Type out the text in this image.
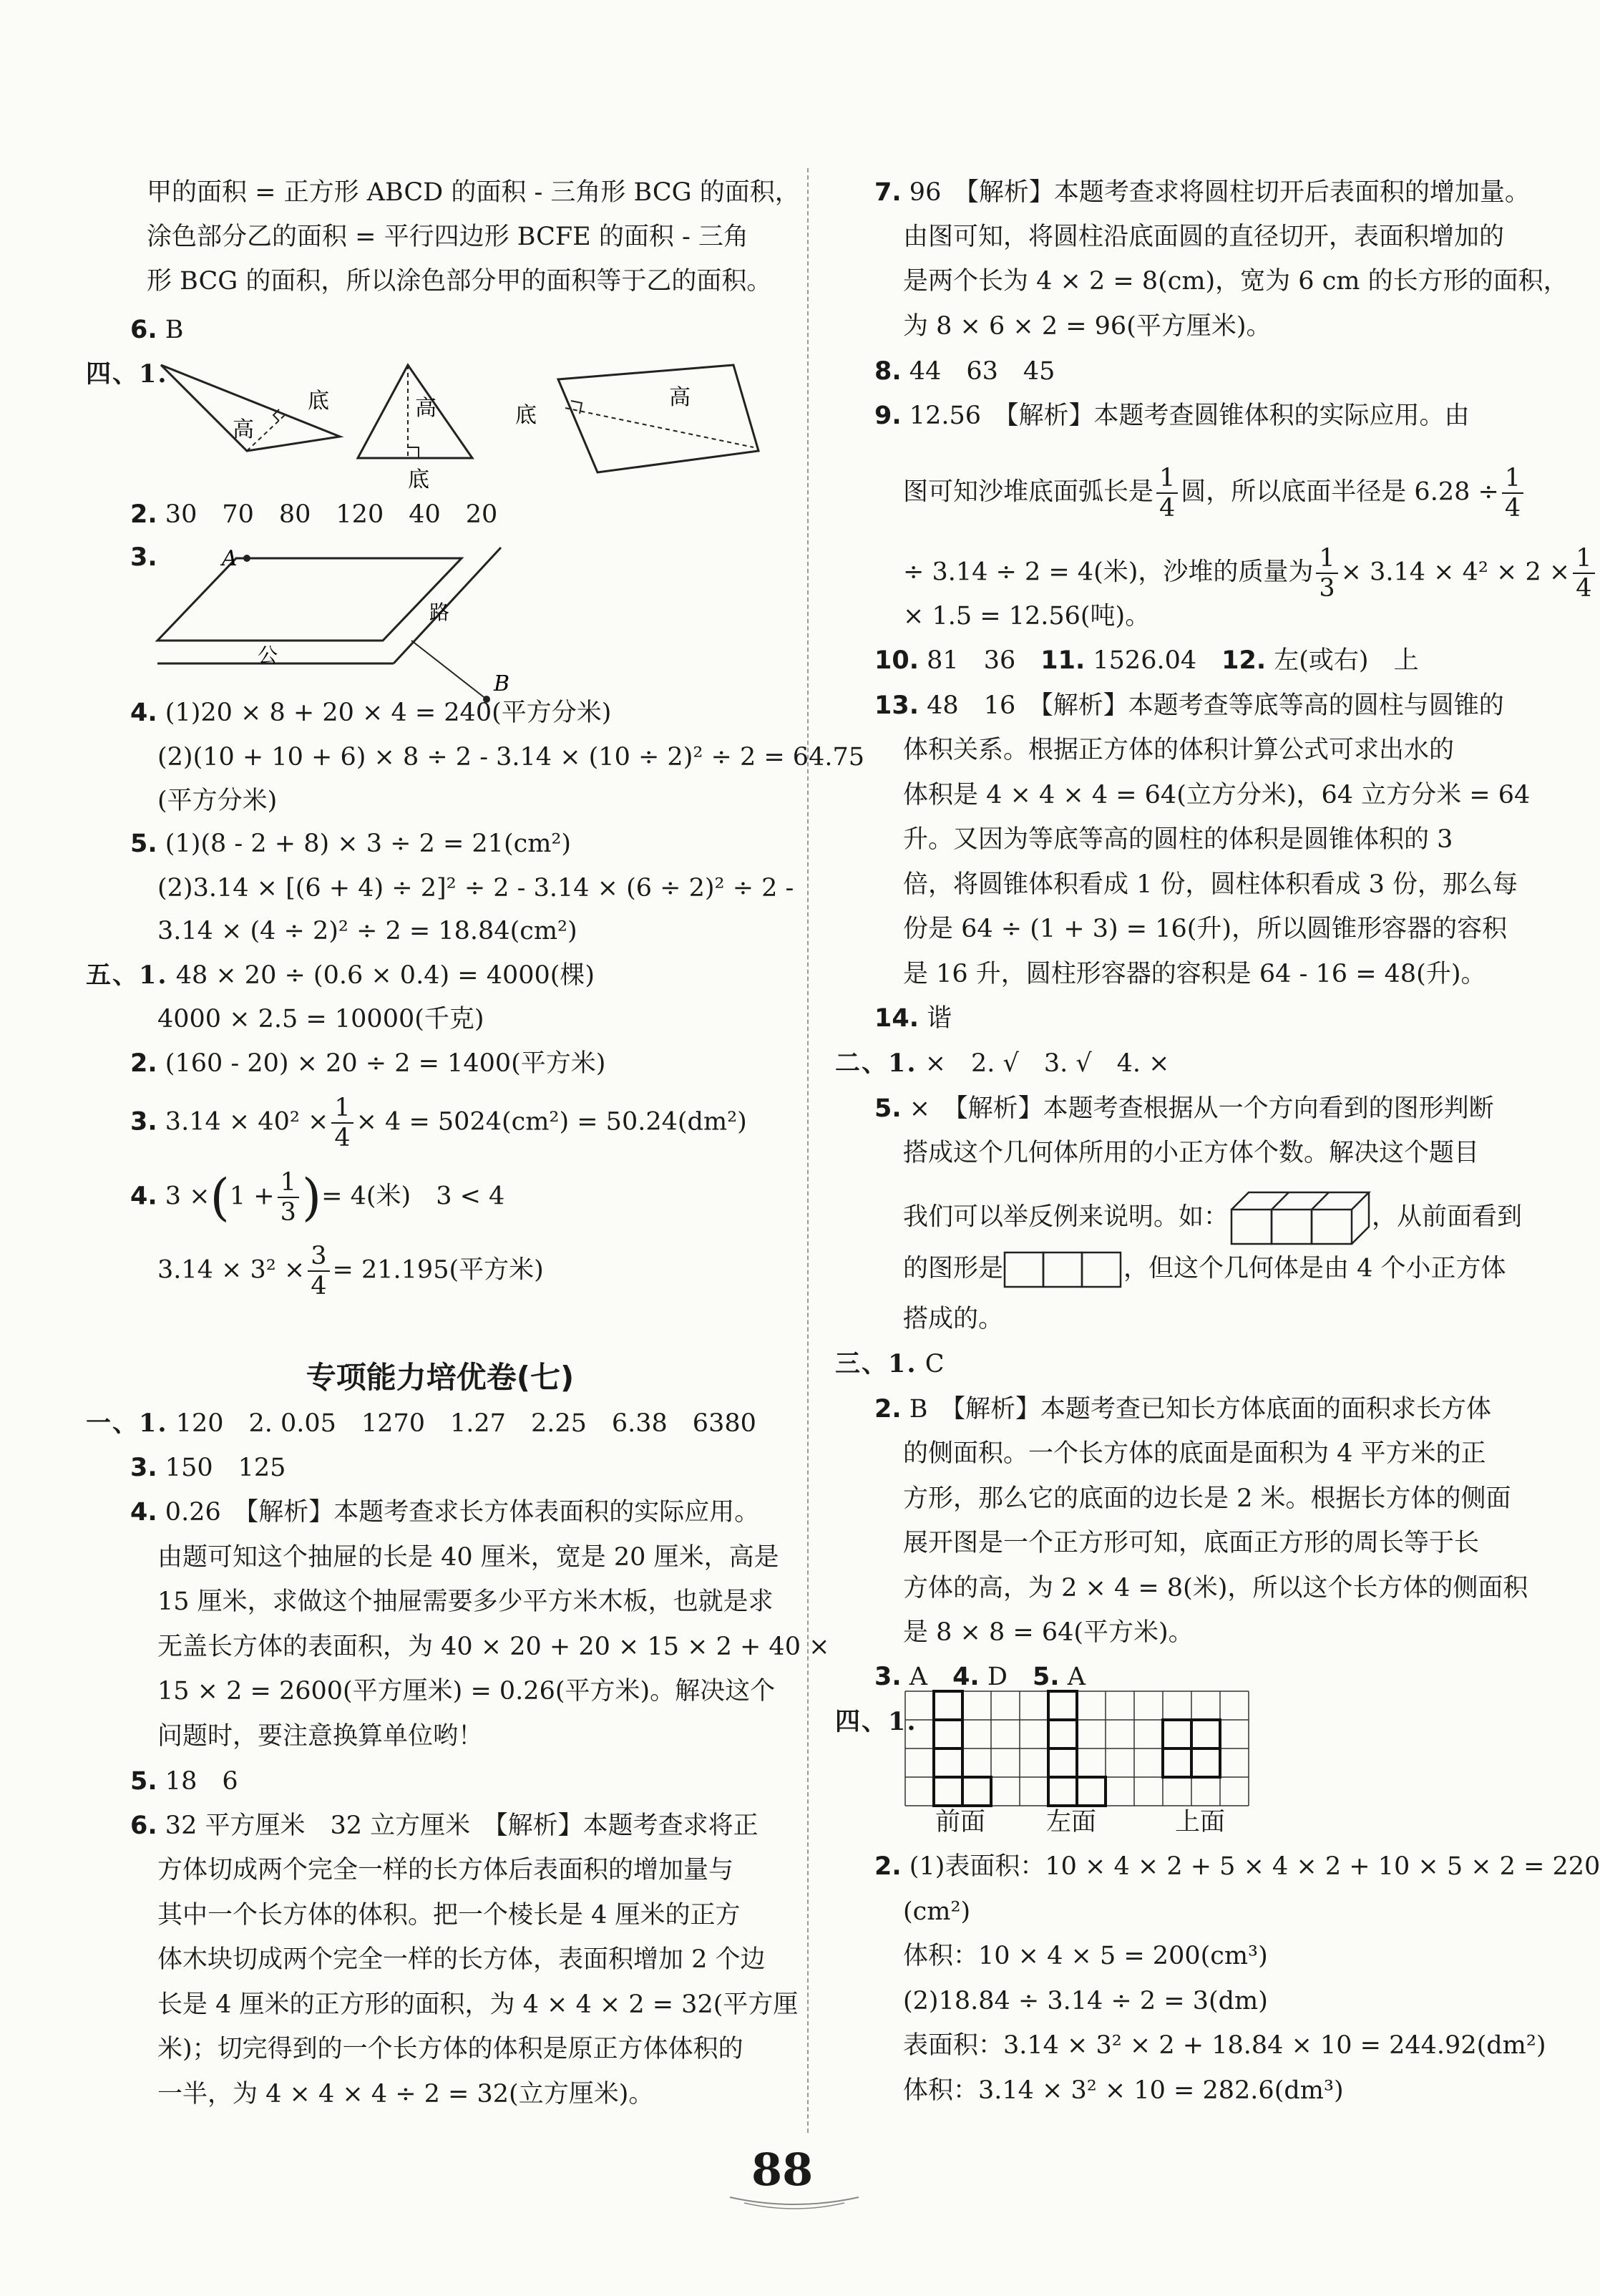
甲的面积 = 正方形 ABCD 的面积 - 三角形 BCG 的面积，
涂色部分乙的面积 = 平行四边形 BCFE 的面积 - 三角
形 BCG 的面积，所以涂色部分甲的面积等于乙的面积。
6. B
四、1.
底
高
高
底
底
高
2. 30　70　80　120　40　20
3.	A
B
路
公
4. (1)20 × 8 + 20 × 4 = 240(平方分米)
(2)(10 + 10 + 6) × 8 ÷ 2 - 3.14 × (10 ÷ 2)² ÷ 2 = 64.75
(平方分米)
5. (1)(8 - 2 + 8) × 3 ÷ 2 = 21(cm²)
(2)3.14 × [(6 + 4) ÷ 2]² ÷ 2 - 3.14 × (6 ÷ 2)² ÷ 2 -
3.14 × (4 ÷ 2)² ÷ 2 = 18.84(cm²)
五、1. 48 × 20 ÷ (0.6 × 0.4) = 4000(棵)
4000 × 2.5 = 10000(千克)
2. (160 - 20) × 20 ÷ 2 = 1400(平方米)
3. $3.14 \times 40^2 \times \frac{1}{4} \times 4 = 5024(cm^2) = 50.24(dm^2)$
4. $3 \times(1 + \frac{1}{3}$ )= 4(米)　3 < 4
$3.14 \times 3^2 \times \frac{3}{4} = 21.195$(平方米)
专项能力培优卷(七)
一、1. 120　2. 0.05　1270　1.27　2.25　6.38　6380
3. 150　125
4. 0.26　【解析】本题考查求长方体表面积的实际应用。
由题可知这个抽屉的长是 40 厘米，宽是 20 厘米，高是
15 厘米，求做这个抽屉需要多少平方米木板，也就是求
无盖长方体的表面积，为 40 × 20 + 20 × 15 × 2 + 40 ×
15 × 2 = 2600(平方厘米) = 0.26(平方米)。解决这个
问题时，要注意换算单位哟！
5. 18　6
6. 32 平方厘米　32 立方厘米　【解析】本题考查求将正
方体切成两个完全一样的长方体后表面积的增加量与
其中一个长方体的体积。把一个棱长是 4 厘米的正方
体木块切成两个完全一样的长方体，表面积增加 2 个边
长是 4 厘米的正方形的面积，为 4 × 4 × 2 = 32(平方厘
米)；切完得到的一个长方体的体积是原正方体体积的
一半，为 4 × 4 × 4 ÷ 2 = 32(立方厘米)。
7. 96　【解析】本题考查求将圆柱切开后表面积的增加量。
由图可知，将圆柱沿底面圆的直径切开，表面积增加的
是两个长为 4 × 2 = 8(cm)，宽为 6 cm 的长方形的面积，
为 8 × 6 × 2 = 96(平方厘米)。
8. 44　63　45
9. 12.56　【解析】本题考查圆锥体积的实际应用。由
图可知沙堆底面弧长是 $\frac{1}{4}$ 圆，所以底面半径是 $6.28 \div \frac{1}{4}$
÷ 3.14 ÷ 2 = 4(米)，沙堆的质量为 $\frac{1}{3} \times 3.14 \times 4^2 \times 2 \times \frac{1}{4}$
× 1.5 = 12.56(吨)。
10. 81　36　11. 1526.04　12. 左(或右)　上
13. 48　16　【解析】本题考查等底等高的圆柱与圆锥的
体积关系。根据正方体的体积计算公式可求出水的
体积是 4 × 4 × 4 = 64(立方分米)，64 立方分米 = 64
升。又因为等底等高的圆柱的体积是圆锥体积的 3
倍，将圆锥体积看成 1 份，圆柱体积看成 3 份，那么每
份是 64 ÷ (1 + 3) = 16(升)，所以圆锥形容器的容积
是 16 升，圆柱形容器的容积是 64 - 16 = 48(升)。
14. 谐
二、1. ×　2. √　3. √　4. ×
5. ×　【解析】本题考查根据从一个方向看到的图形判断
搭成这个几何体所用的小正方体个数。解决这个题目
我们可以举反例来说明。如：	，从前面看到
的图形是	，但这个几何体是由 4 个小正方体
搭成的。
三、1. C
2. B　【解析】本题考查已知长方体底面的面积求长方体
的侧面积。一个长方体的底面是面积为 4 平方米的正
方形，那么它的底面的边长是 2 米。根据长方体的侧面
展开图是一个正方形可知，底面正方形的周长等于长
方体的高，为 2 × 4 = 8(米)，所以这个长方体的侧面积
是 8 × 8 = 64(平方米)。
3. A　4. D　5. A
四、1.
前面 左面	上面
2. (1)表面积：10 × 4 × 2 + 5 × 4 × 2 + 10 × 5 × 2 = 220
(cm²)
体积：10 × 4 × 5 = 200(cm³)
(2)18.84 ÷ 3.14 ÷ 2 = 3(dm)
表面积：3.14 × 3² × 2 + 18.84 × 10 = 244.92(dm²)
体积：3.14 × 3² × 10 = 282.6(dm³)
88
